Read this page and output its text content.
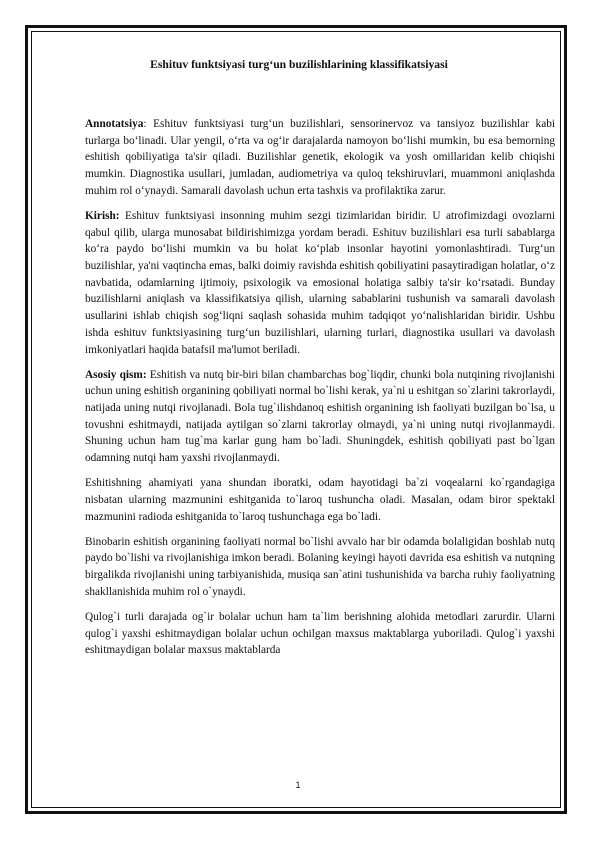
Eshituv funktsiyasi turg‘un buzilishlarining klassifikatsiyasi

Annotatsiya: Eshituv funktsiyasi turg‘un buzilishlari, sensorinervoz va tansiyoz buzilishlar kabi turlarga bo‘linadi. Ular yengil, o‘rta va og‘ir darajalarda namoyon bo‘lishi mumkin, bu esa bemorning eshitish qobiliyatiga ta'sir qiladi. Buzilishlar genetik, ekologik va yosh omillaridan kelib chiqishi mumkin. Diagnostika usullari, jumladan, audiometriya va quloq tekshiruvlari, muammoni aniqlashda muhim rol o‘ynaydi. Samarali davolash uchun erta tashxis va profilaktika zarur.

Kirish: Eshituv funktsiyasi insonning muhim sezgi tizimlaridan biridir. U atrofimizdagi ovozlarni qabul qilib, ularga munosabat bildirishimizga yordam beradi. Eshituv buzilishlari esa turli sabablarga ko‘ra paydo bo‘lishi mumkin va bu holat ko‘plab insonlar hayotini yomonlashtiradi. Turg‘un buzilishlar, ya'ni vaqtincha emas, balki doimiy ravishda eshitish qobiliyatini pasaytiradigan holatlar, o‘z navbatida, odamlarning ijtimoiy, psixologik va emosional holatiga salbiy ta'sir ko‘rsatadi. Bunday buzilishlarni aniqlash va klassifikatsiya qilish, ularning sabablarini tushunish va samarali davolash usullarini ishlab chiqish sog‘liqni saqlash sohasida muhim tadqiqot yo‘nalishlaridan biridir. Ushbu ishda eshituv funktsiyasining turg‘un buzilishlari, ularning turlari, diagnostika usullari va davolash imkoniyatlari haqida batafsil ma'lumot beriladi.

Asosiy qism: Eshitish va nutq bir-biri bilan chambarchas bog`liqdir, chunki bola nutqining rivojlanishi uchun uning eshitish organining qobiliyati normal bo`lishi kerak, ya`ni u eshitgan so`zlarini takrorlaydi, natijada uning nutqi rivojlanadi. Bola tug`ilishdanoq eshitish organining ish faoliyati buzilgan bo`lsa, u tovushni eshitmaydi, natijada aytilgan so`zlarni takrorlay olmaydi, ya`ni uning nutqi rivojlanmaydi. Shuning uchun ham tug`ma karlar gung ham bo`ladi. Shuningdek, eshitish qobiliyati past bo`lgan odamning nutqi ham yaxshi rivojlanmaydi.

Eshitishning ahamiyati yana shundan iboratki, odam hayotidagi ba`zi voqealarni ko`rgandagiga nisbatan ularning mazmunini eshitganida to`laroq tushuncha oladi. Masalan, odam biror spektakl mazmunini radioda eshitganida to`laroq tushunchaga ega bo`ladi.

Binobarin eshitish organining faoliyati normal bo`lishi avvalo har bir odamda bolaligidan boshlab nutq paydo bo`lishi va rivojlanishiga imkon beradi. Bolaning keyingi hayoti davrida esa eshitish va nutqning birgalikda rivojlanishi uning tarbiyanishida, musiqa san`atini tushunishida va barcha ruhiy faoliyatning shakllanishida muhim rol o`ynaydi.

Qulog`i turli darajada og`ir bolalar uchun ham ta`lim berishning alohida metodlari zarurdir. Ularni qulog`i yaxshi eshitmaydigan bolalar uchun ochilgan maxsus maktablarga yuboriladi. Qulog`i yaxshi eshitmaydigan bolalar maxsus maktablarda

1
